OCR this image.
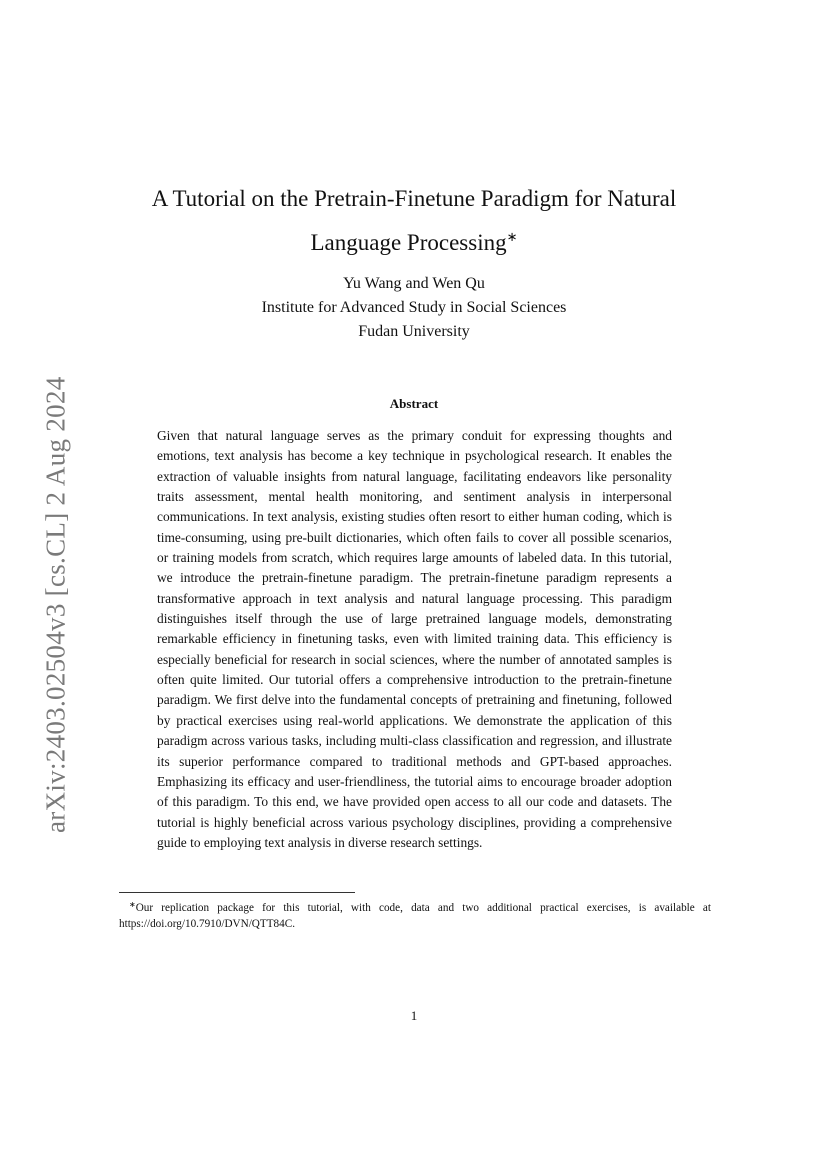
arXiv:2403.02504v3 [cs.CL] 2 Aug 2024
A Tutorial on the Pretrain-Finetune Paradigm for Natural Language Processing∗
Yu Wang and Wen Qu
Institute for Advanced Study in Social Sciences
Fudan University
Abstract
Given that natural language serves as the primary conduit for expressing thoughts and emotions, text analysis has become a key technique in psychological research. It enables the extraction of valuable insights from natural language, facilitating endeavors like personality traits assessment, mental health monitoring, and sentiment analysis in interpersonal communications. In text analysis, existing studies often resort to either human coding, which is time-consuming, using pre-built dictionaries, which often fails to cover all possible scenarios, or training models from scratch, which requires large amounts of labeled data. In this tutorial, we introduce the pretrain-finetune paradigm. The pretrain-finetune paradigm represents a transformative approach in text analysis and natural language processing. This paradigm distinguishes itself through the use of large pretrained language models, demonstrating remarkable efficiency in finetuning tasks, even with limited training data. This efficiency is especially beneficial for research in social sciences, where the number of annotated samples is often quite limited. Our tutorial offers a comprehensive introduction to the pretrain-finetune paradigm. We first delve into the fundamental concepts of pretraining and finetuning, followed by practical exercises using real-world applications. We demonstrate the application of this paradigm across various tasks, including multi-class classification and regression, and illustrate its superior performance compared to traditional methods and GPT-based approaches. Emphasizing its efficacy and user-friendliness, the tutorial aims to encourage broader adoption of this paradigm. To this end, we have provided open access to all our code and datasets. The tutorial is highly beneficial across various psychology disciplines, providing a comprehensive guide to employing text analysis in diverse research settings.
∗Our replication package for this tutorial, with code, data and two additional practical exercises, is available at https://doi.org/10.7910/DVN/QTT84C.
1
